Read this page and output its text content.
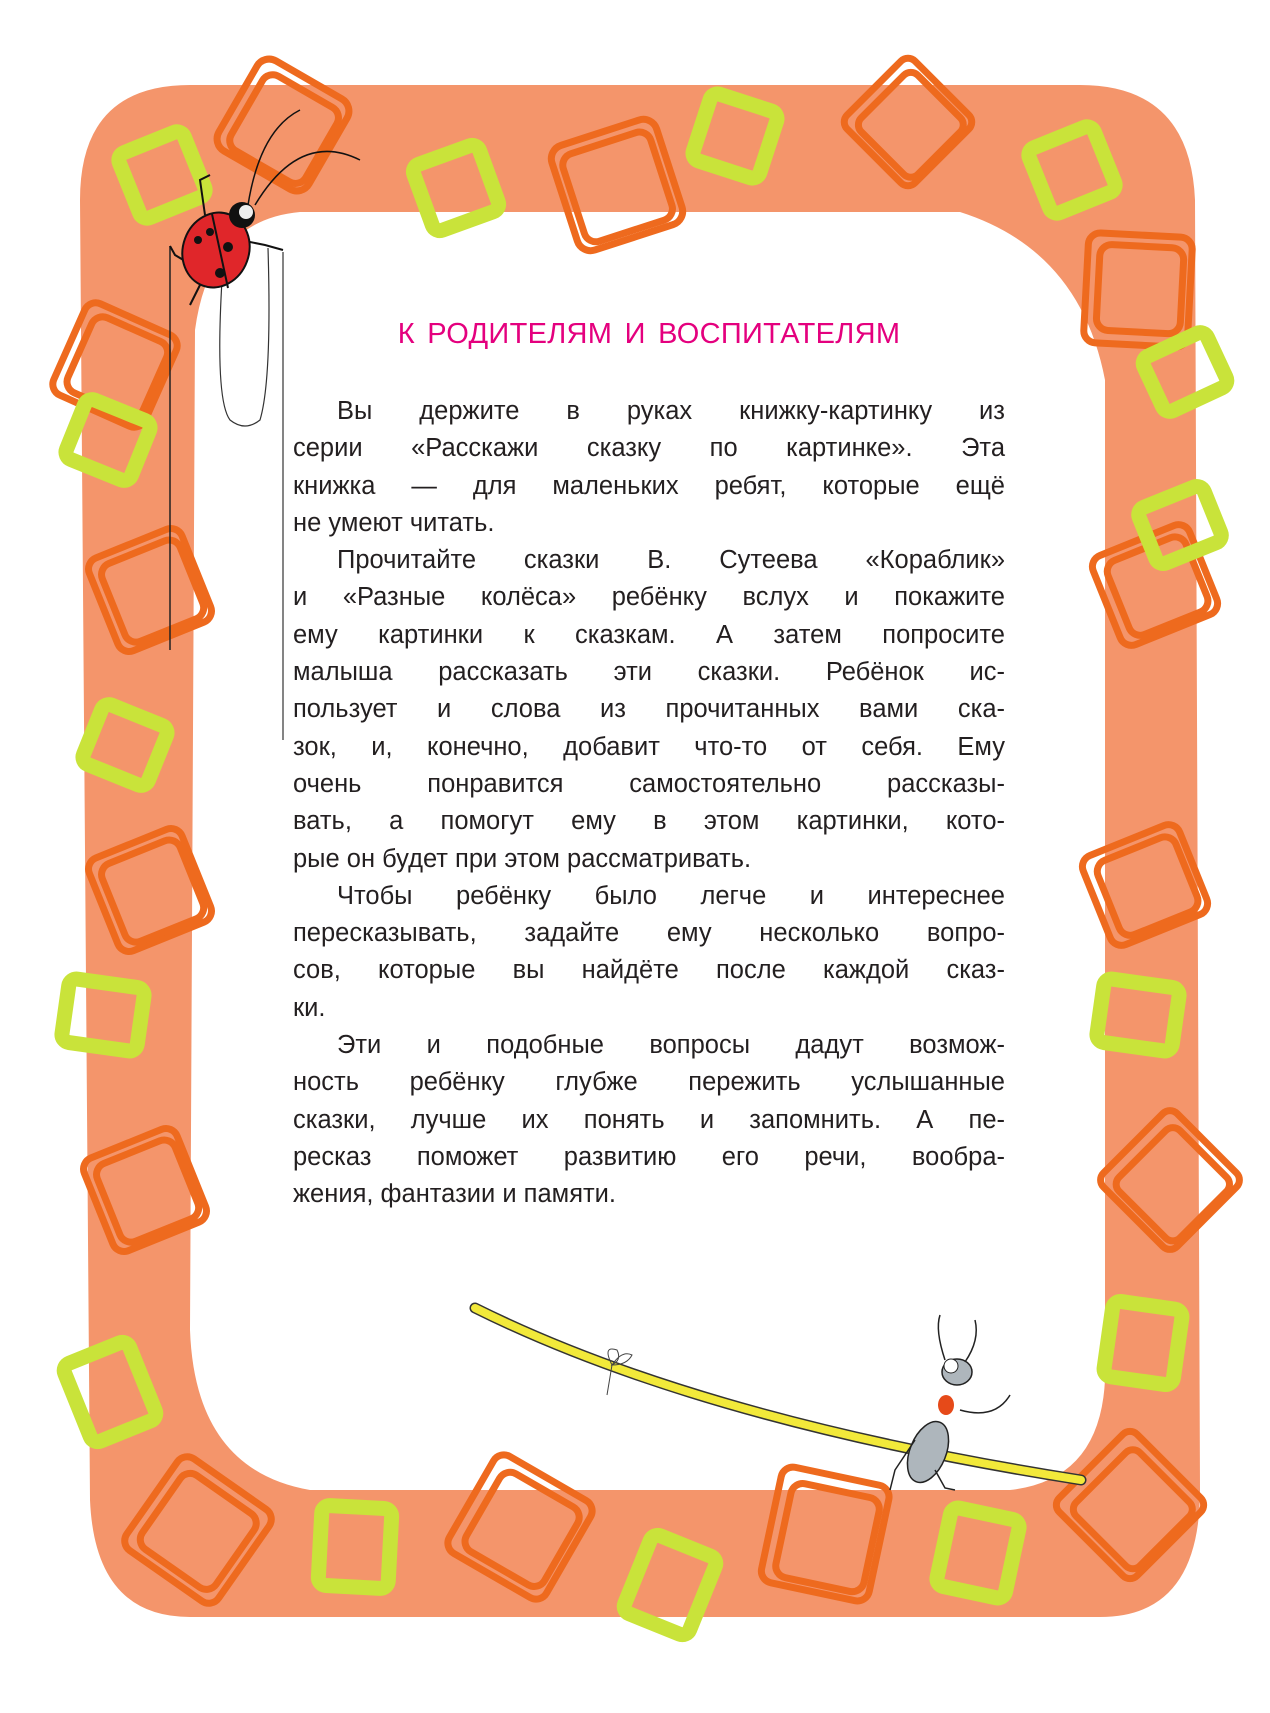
К РОДИТЕЛЯМ И ВОСПИТАТЕЛЯМ
Вы держите в руках книжку-картинку из
серии «Расскажи сказку по картинке». Эта
книжка — для маленьких ребят, которые ещё
не умеют читать.
Прочитайте сказки В. Сутеева «Кораблик»
и «Разные колёса» ребёнку вслух и покажите
ему картинки к сказкам. А затем попросите
малыша рассказать эти сказки. Ребёнок ис-
пользует и слова из прочитанных вами ска-
зок, и, конечно, добавит что-то от себя. Ему
очень понравится самостоятельно рассказы-
вать, а помогут ему в этом картинки, кото-
рые он будет при этом рассматривать.
Чтобы ребёнку было легче и интереснее
пересказывать, задайте ему несколько вопро-
сов, которые вы найдёте после каждой сказ-
ки.
Эти и подобные вопросы дадут возмож-
ность ребёнку глубже пережить услышанные
сказки, лучше их понять и запомнить. А пе-
ресказ поможет развитию его речи, вообра-
жения, фантазии и памяти.
